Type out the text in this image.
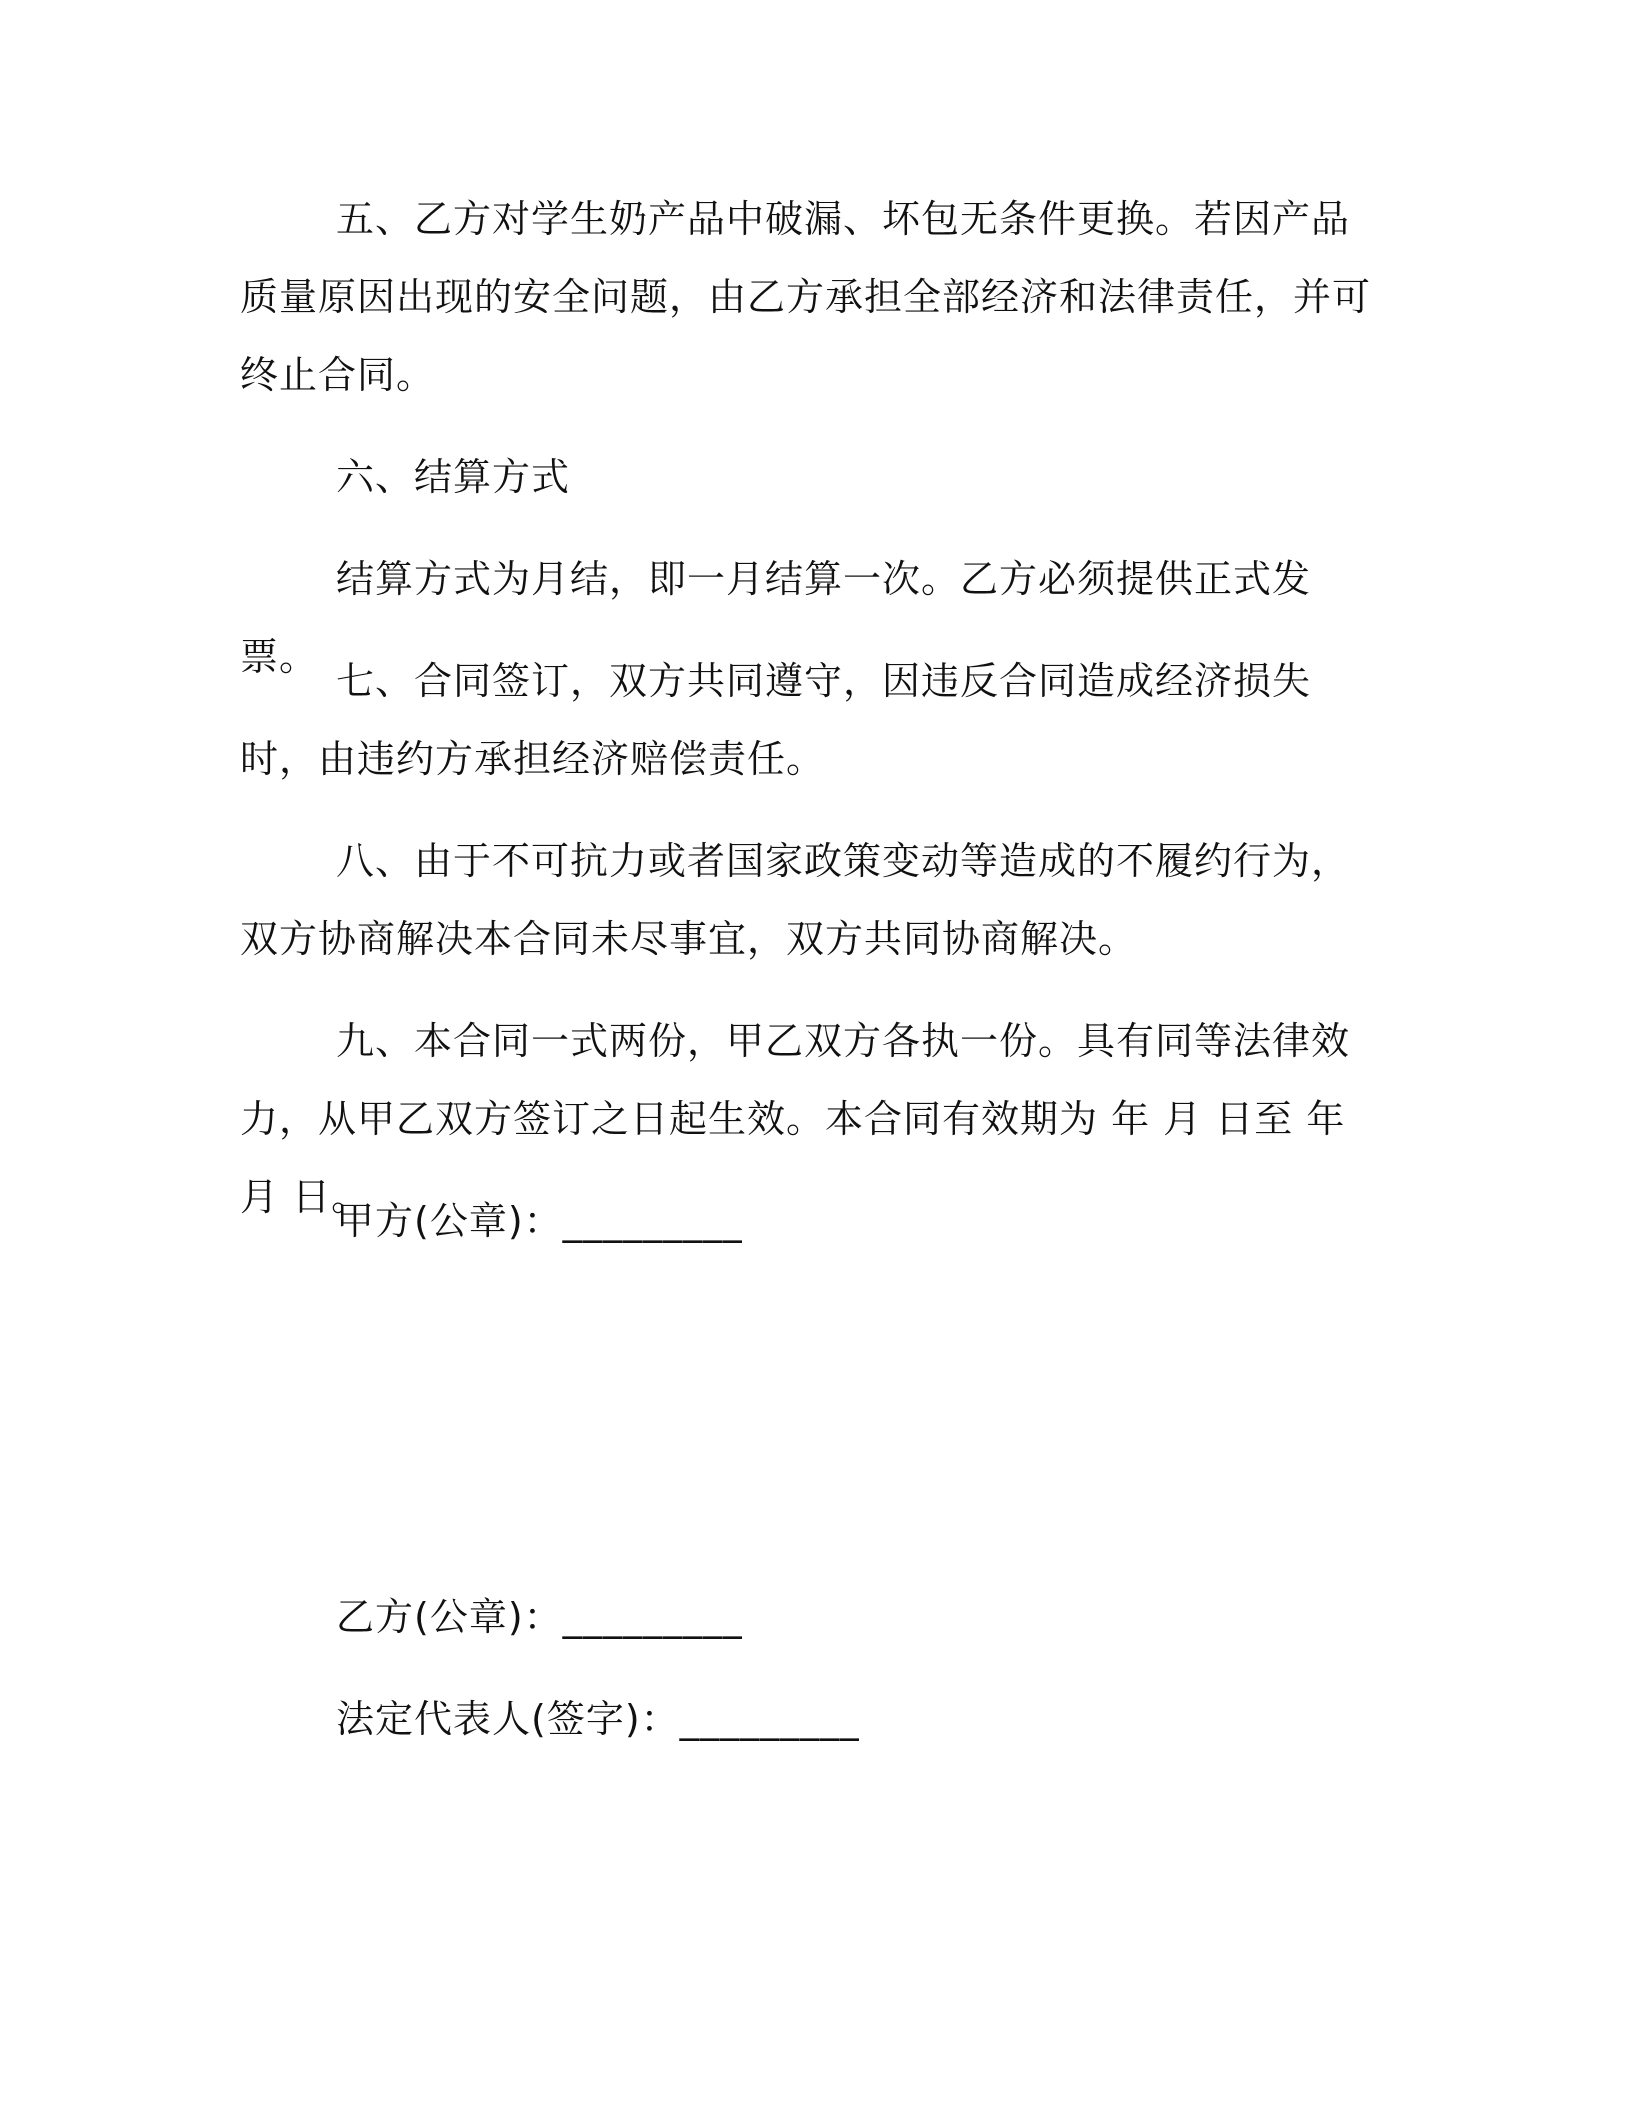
五、乙方对学生奶产品中破漏、坏包无条件更换。若因产品质量原因出现的安全问题，由乙方承担全部经济和法律责任，并可终止合同。

六、结算方式

结算方式为月结，即一月结算一次。乙方必须提供正式发票。

七、合同签订，双方共同遵守，因违反合同造成经济损失时，由违约方承担经济赔偿责任。

八、由于不可抗力或者国家政策变动等造成的不履约行为，双方协商解决本合同未尽事宜，双方共同协商解决。

九、本合同一式两份，甲乙双方各执一份。具有同等法律效力，从甲乙双方签订之日起生效。本合同有效期为 年 月 日至 年 月 日。

甲方(公章)：_________

乙方(公章)：_________

法定代表人(签字)：_________
